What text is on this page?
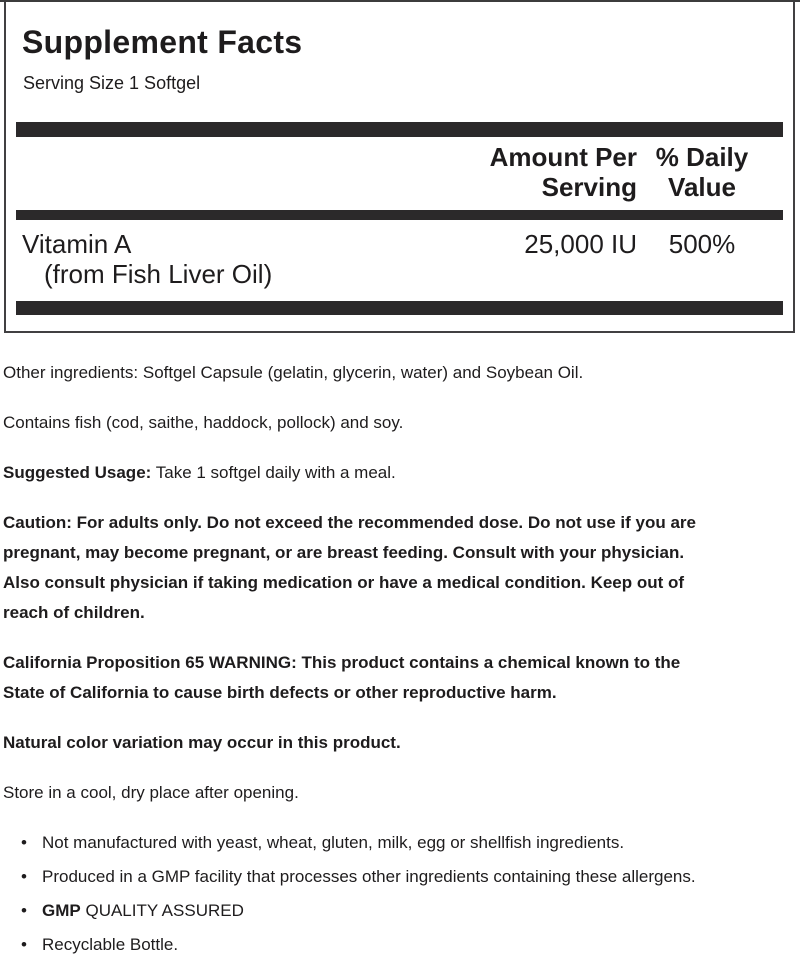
Supplement Facts
Serving Size 1 Softgel
Amount Per Serving
% Daily Value
Vitamin A
(from Fish Liver Oil)
25,000 IU	500%

Other ingredients: Softgel Capsule (gelatin, glycerin, water) and Soybean Oil.

Contains fish (cod, saithe, haddock, pollock) and soy.

Suggested Usage: Take 1 softgel daily with a meal.

Caution: For adults only. Do not exceed the recommended dose. Do not use if you are
pregnant, may become pregnant, or are breast feeding. Consult with your physician.
Also consult physician if taking medication or have a medical condition. Keep out of
reach of children.

California Proposition 65 WARNING: This product contains a chemical known to the
State of California to cause birth defects or other reproductive harm.

Natural color variation may occur in this product.

Store in a cool, dry place after opening.

• Not manufactured with yeast, wheat, gluten, milk, egg or shellfish ingredients.
• Produced in a GMP facility that processes other ingredients containing these allergens.
• GMP QUALITY ASSURED
• Recyclable Bottle.
